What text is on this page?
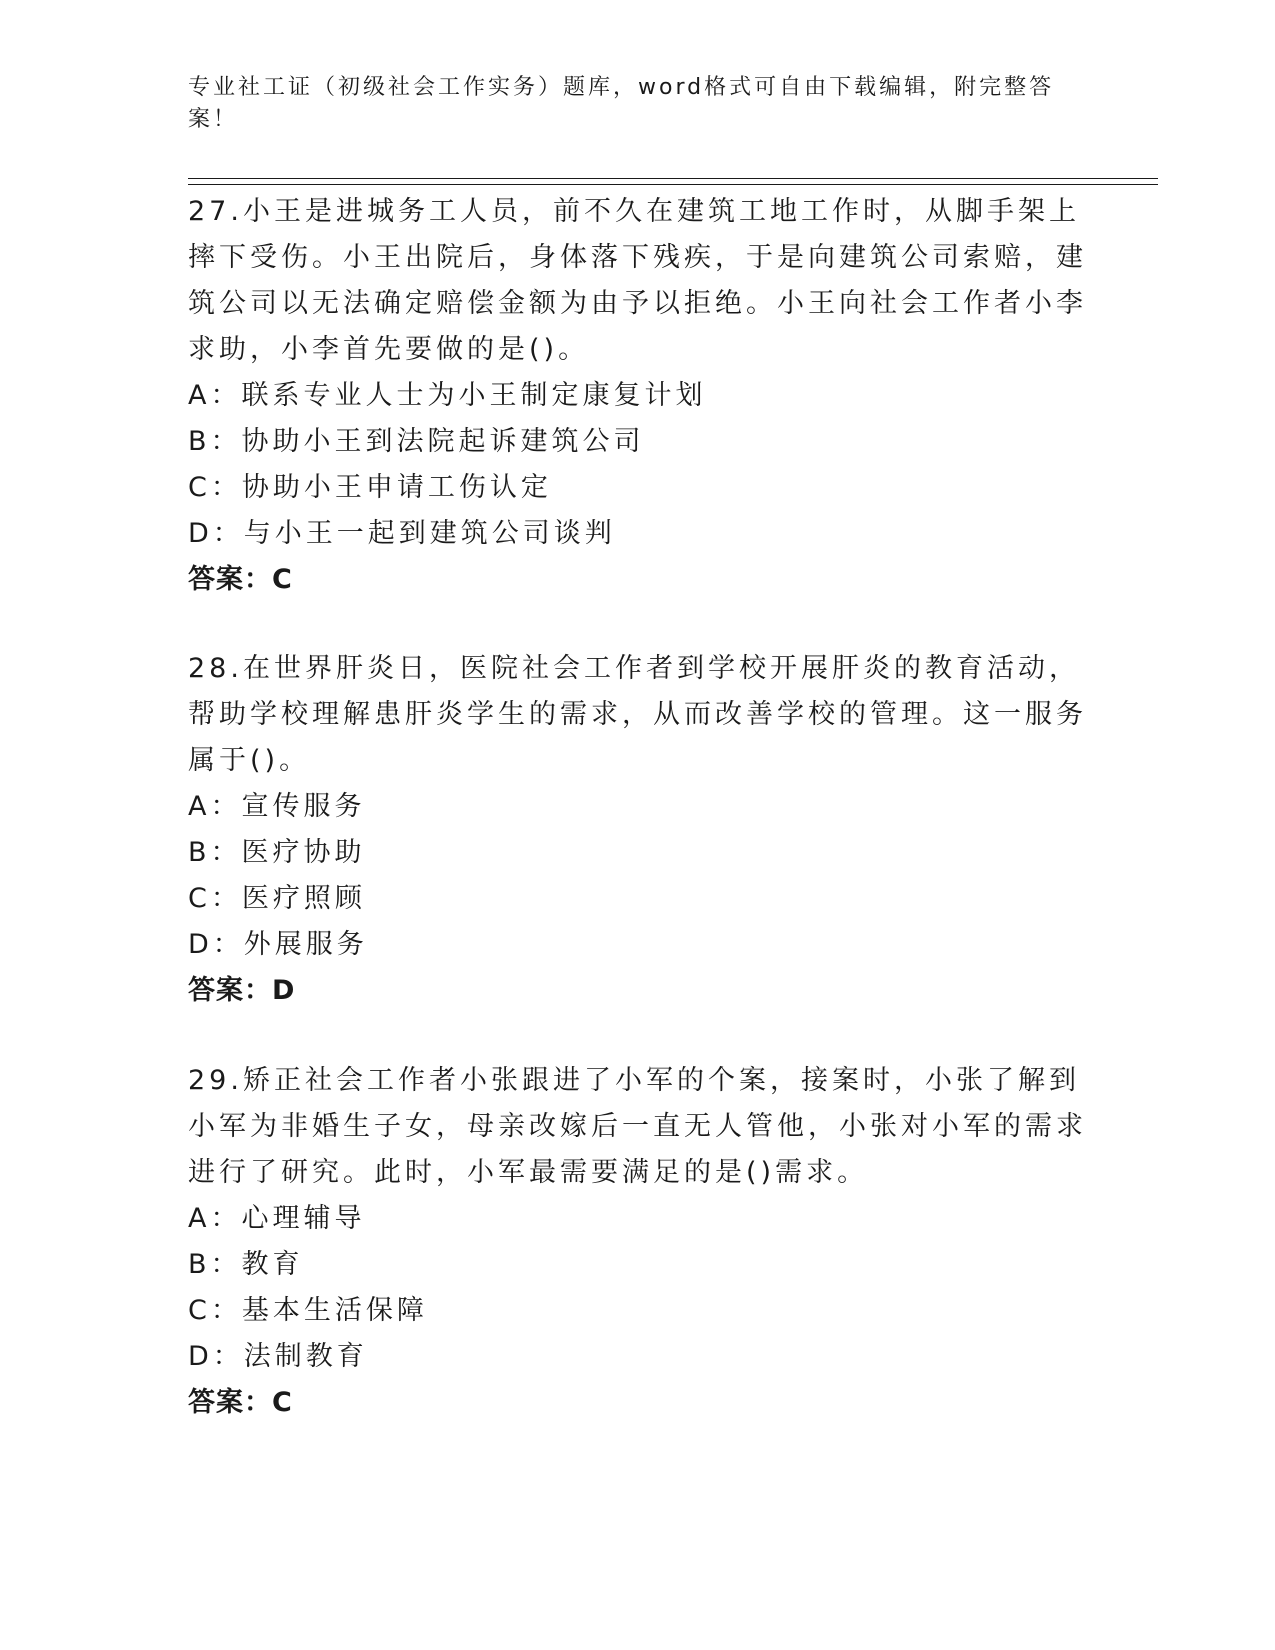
专业社工证（初级社会工作实务）题库，word格式可自由下载编辑，附完整答案！

27.小王是进城务工人员，前不久在建筑工地工作时，从脚手架上摔下受伤。小王出院后，身体落下残疾，于是向建筑公司索赔，建筑公司以无法确定赔偿金额为由予以拒绝。小王向社会工作者小李求助，小李首先要做的是()。

A：联系专业人士为小王制定康复计划

B：协助小王到法院起诉建筑公司

C：协助小王申请工伤认定

D：与小王一起到建筑公司谈判

答案：C

28.在世界肝炎日，医院社会工作者到学校开展肝炎的教育活动，帮助学校理解患肝炎学生的需求，从而改善学校的管理。这一服务属于()。

A：宣传服务

B：医疗协助

C：医疗照顾

D：外展服务

答案：D

29.矫正社会工作者小张跟进了小军的个案，接案时，小张了解到小军为非婚生子女，母亲改嫁后一直无人管他，小张对小军的需求进行了研究。此时，小军最需要满足的是()需求。

A：心理辅导

B：教育

C：基本生活保障

D：法制教育

答案：C
